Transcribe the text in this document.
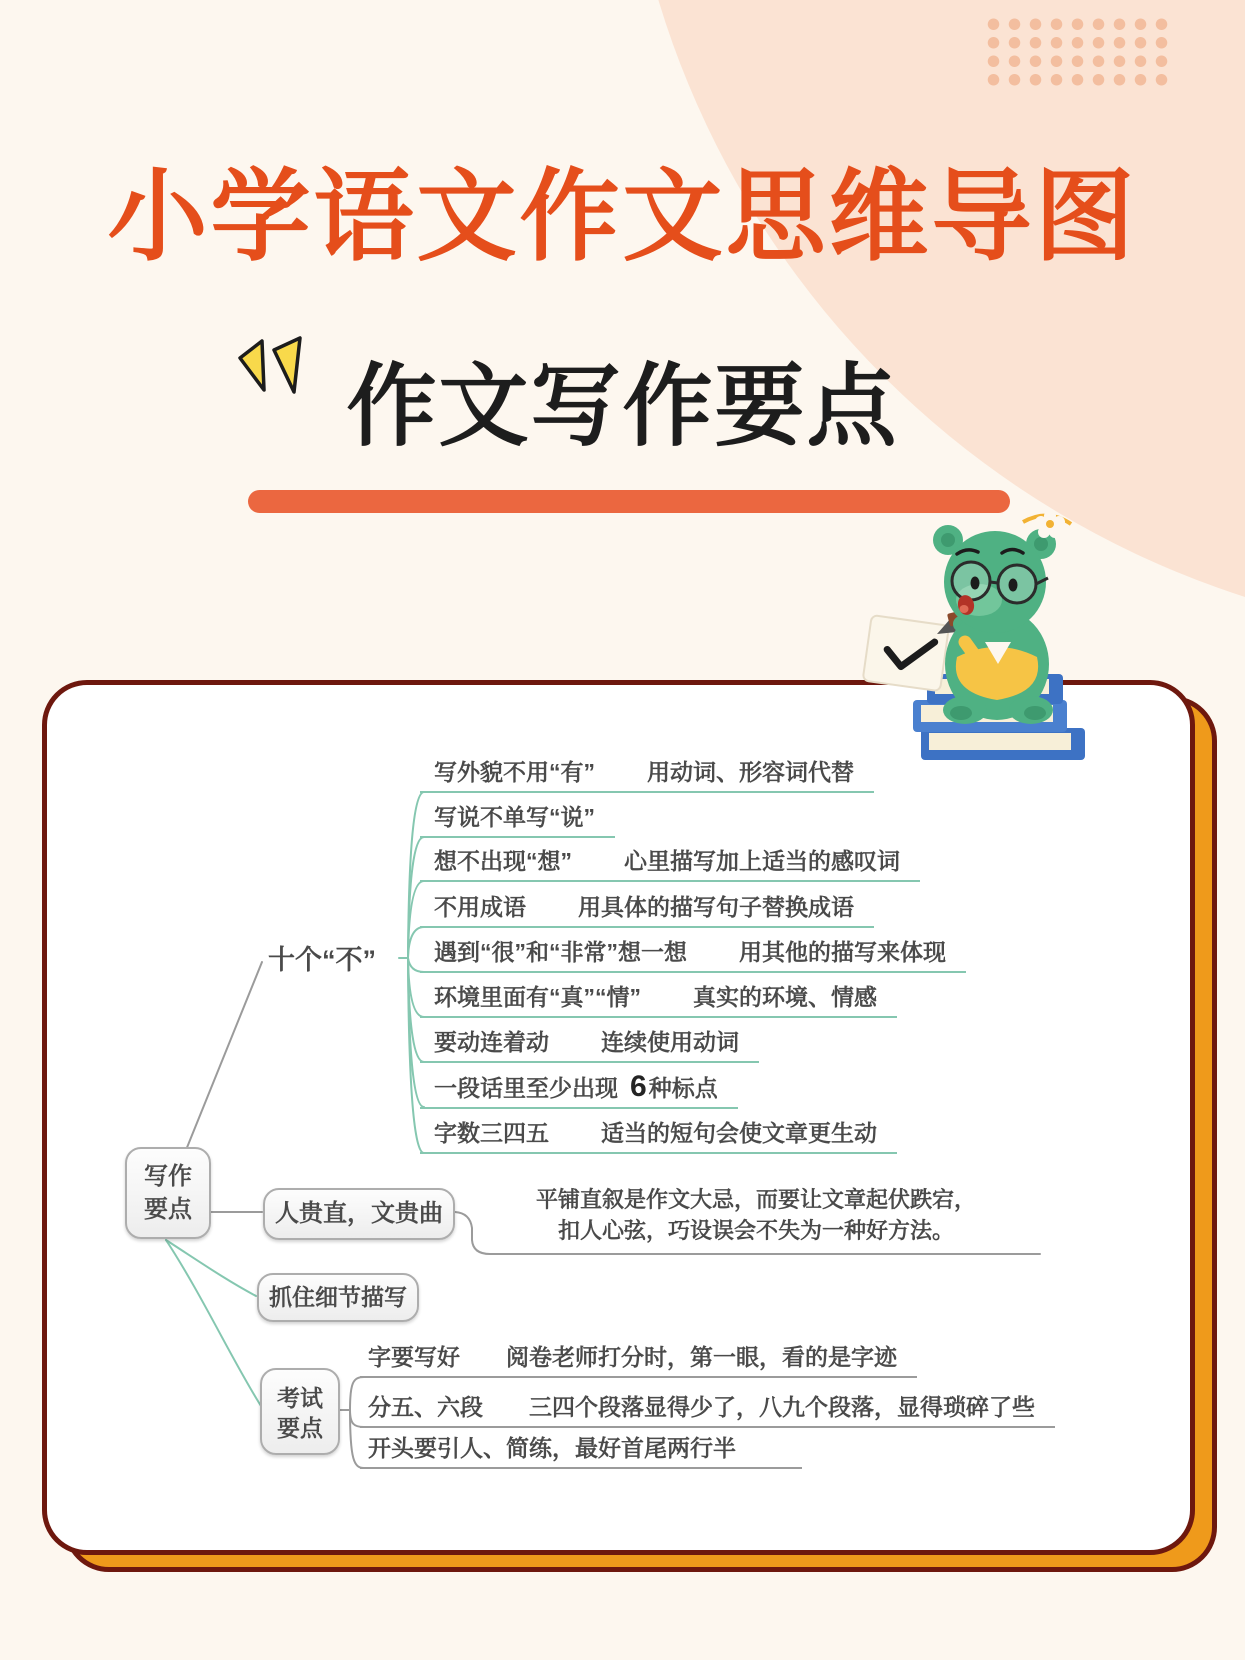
小学语文作文思维导图
作文写作要点
写作
要点
十个“不”
写外貌不用“有” 用动词、形容词代替
写说不单写“说”
想不出现“想” 心里描写加上适当的感叹词
不用成语 用具体的描写句子替换成语
遇到“很”和“非常”想一想 用其他的描写来体现
环境里面有“真”“情” 真实的环境、情感
要动连着动 连续使用动词
一段话里至少出现 6种标点
字数三四五 适当的短句会使文章更生动
人贵直，文贵曲
平铺直叙是作文大忌，而要让文章起伏跌宕，
扣人心弦，巧设误会不失为一种好方法。
抓住细节描写
考试
要点
字要写好 阅卷老师打分时，第一眼，看的是字迹
分五、六段 三四个段落显得少了，八九个段落，显得琐碎了些
开头要引人、简练，最好首尾两行半
